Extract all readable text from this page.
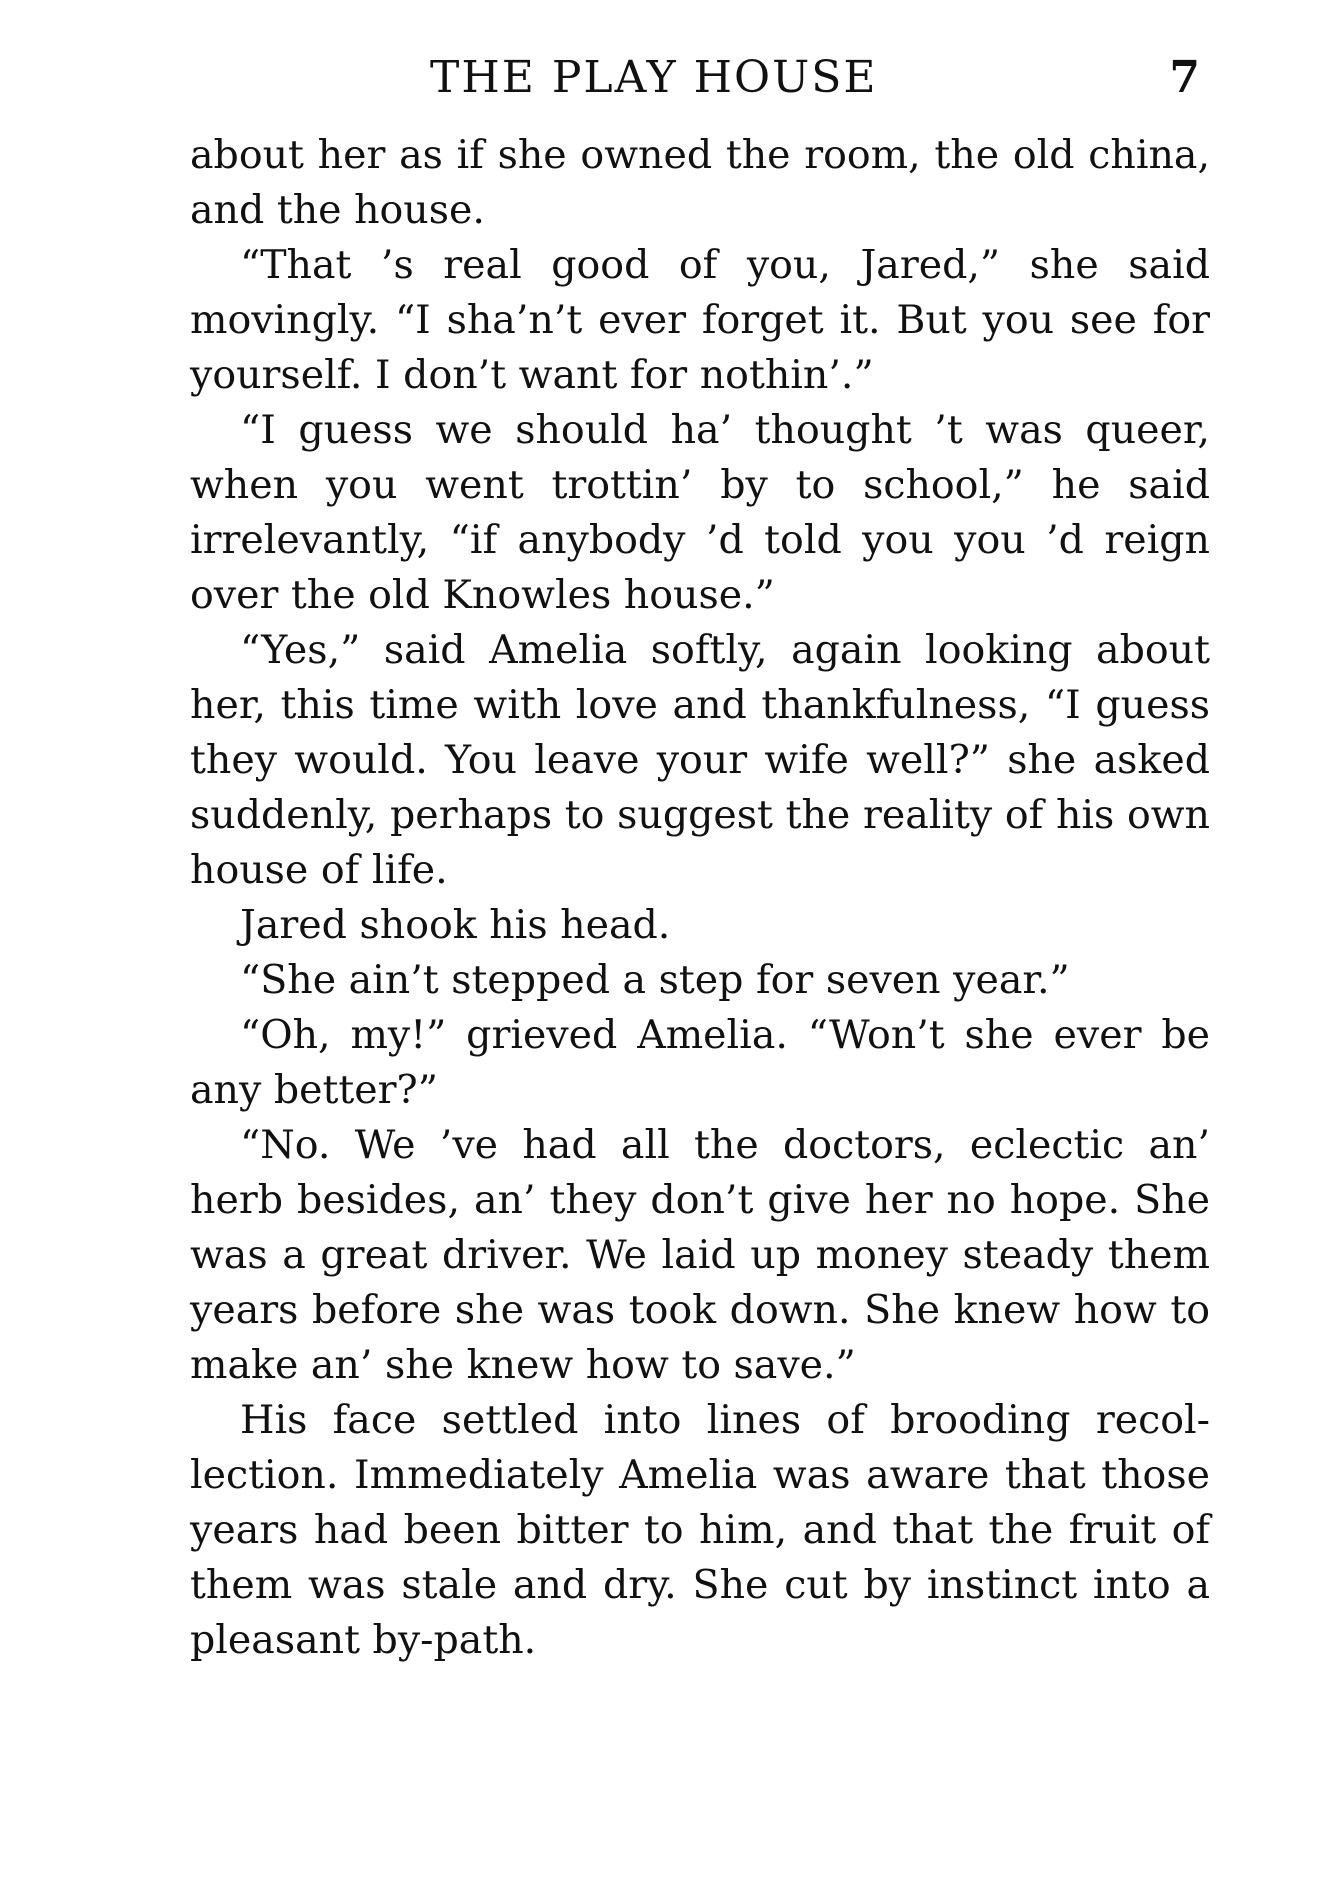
THE PLAY HOUSE	7

about her as if she owned the room, the old china, and the house.

“That ’s real good of you, Jared,” she said movingly. “I sha’n’t ever forget it. But you see for yourself. I don’t want for nothin’.”

“I guess we should ha’ thought ’t was queer, when you went trottin’ by to school,” he said irrelevantly, “if anybody ’d told you you ’d reign over the old Knowles house.”

“Yes,” said Amelia softly, again looking about her, this time with love and thankfulness, “I guess they would. You leave your wife well?” she asked suddenly, perhaps to suggest the reality of his own house of life.

Jared shook his head.

“She ain’t stepped a step for seven year.”

“Oh, my!” grieved Amelia. “Won’t she ever be any better?”

“No. We ’ve had all the doctors, eclectic an’ herb besides, an’ they don’t give her no hope. She was a great driver. We laid up money steady them years before she was took down. She knew how to make an’ she knew how to save.”

His face settled into lines of brooding recollection. Immediately Amelia was aware that those years had been bitter to him, and that the fruit of them was stale and dry. She cut by instinct into a pleasant by-path.
